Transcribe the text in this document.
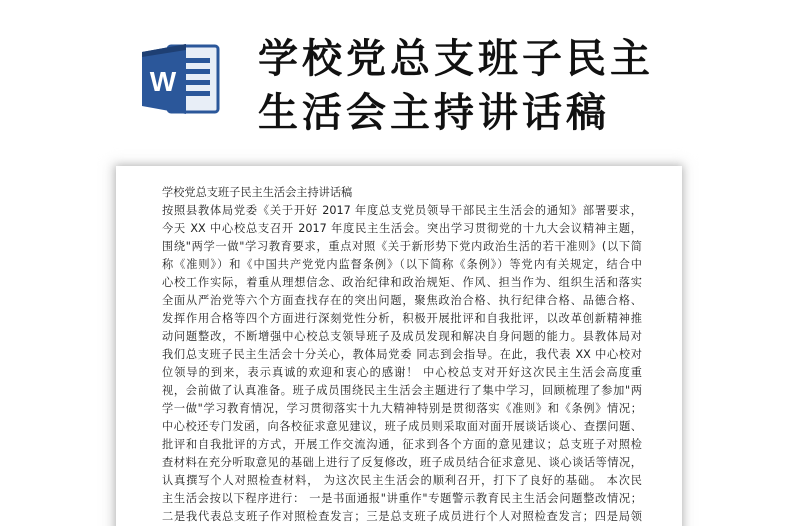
W 学校党总支班子民主
生活会主持讲话稿
学校党总支班子民主生活会主持讲话稿
按照县教体局党委《关于开好 2017 年度总支党员领导干部民主生活会的通知》部署要求，
今天 XX 中心校总支召开 2017 年度民主生活会。突出学习贯彻党的十九大会议精神主题，
围绕"两学一做"学习教育要求，重点对照《关于新形势下党内政治生活的若干准则》(以下简
称《准则》）和《中国共产党党内监督条例》（以下简称《条例》）等党内有关规定，结合中
心校工作实际，着重从理想信念、政治纪律和政治规矩、作风、担当作为、组织生活和落实
全面从严治党等六个方面查找存在的突出问题，聚焦政治合格、执行纪律合格、品德合格、
发挥作用合格等四个方面进行深刻党性分析，积极开展批评和自我批评，以改革创新精神推
动问题整改，不断增强中心校总支领导班子及成员发现和解决自身问题的能力。县教体局对
我们总支班子民主生活会十分关心，教体局党委 同志到会指导。在此，我代表 XX 中心校对
位领导的到来，表示真诚的欢迎和衷心的感谢！ 中心校总支对开好这次民主生活会高度重
视，会前做了认真准备。班子成员围绕民主生活会主题进行了集中学习，回顾梳理了参加"两
学一做"学习教育情况，学习贯彻落实十九大精神特别是贯彻落实《准则》和《条例》情况；
中心校还专门发函，向各校征求意见建议，班子成员则采取面对面开展谈话谈心、查摆问题、
批评和自我批评的方式，开展工作交流沟通，征求到各个方面的意见建议；总支班子对照检
查材料在充分听取意见的基础上进行了反复修改，班子成员结合征求意见、谈心谈话等情况，
认真撰写个人对照检查材料， 为这次民主生活会的顺利召开，打下了良好的基础。 本次民
主生活会按以下程序进行： 一是书面通报"讲重作"专题警示教育民主生活会问题整改情况；
二是我代表总支班子作对照检查发言；三是总支班子成员进行个人对照检查发言；四是局领
